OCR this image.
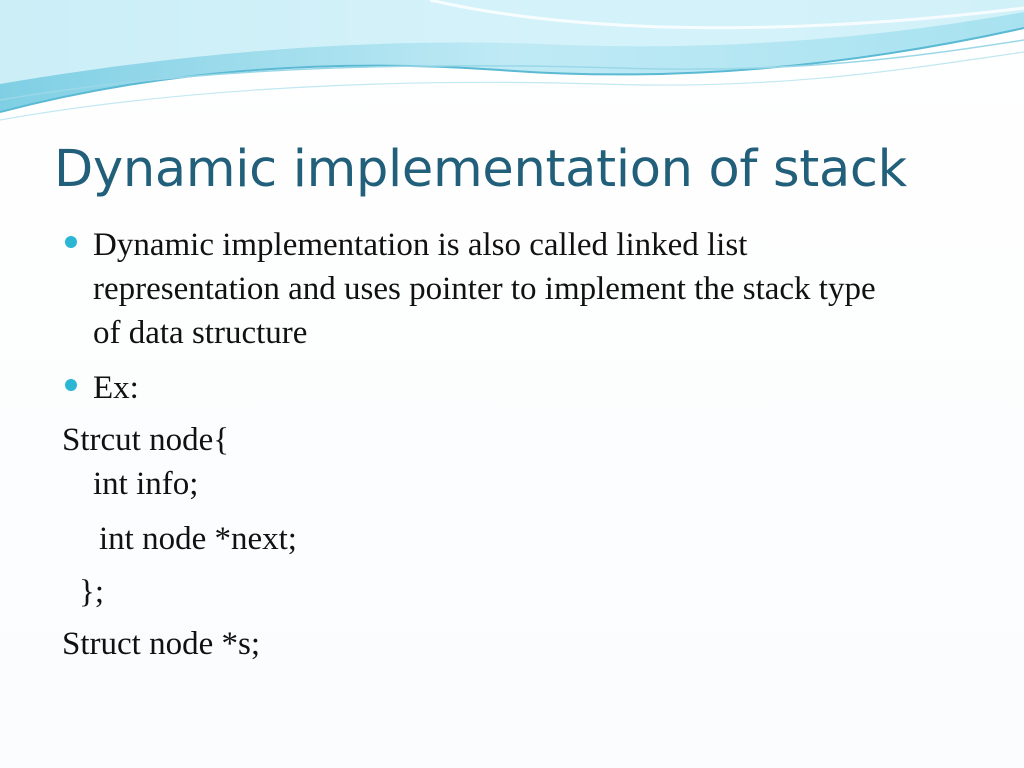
Dynamic implementation of stack
Dynamic implementation is also called linked list representation and uses pointer to implement the stack type of data structure
Ex:
Strcut node{
int info;
int node *next;
};
Struct node *s;
